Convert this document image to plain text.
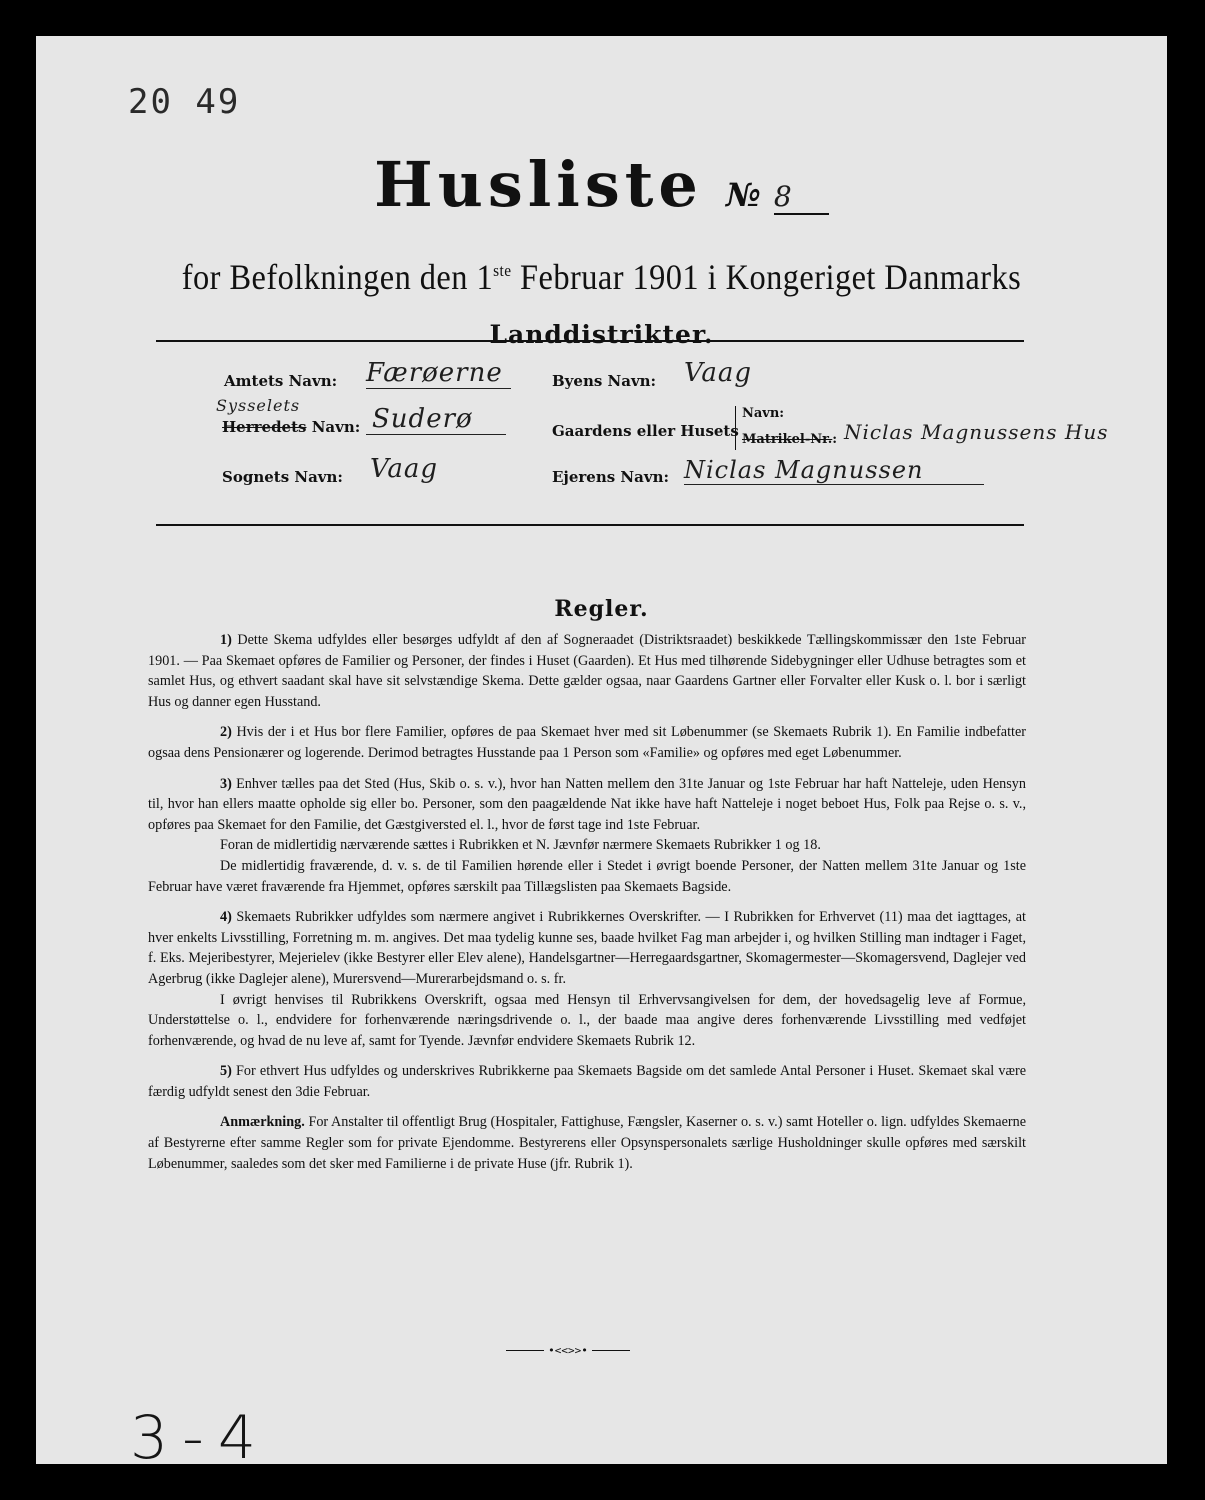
20 49
Husliste № 8
for Befolkningen den 1ste Februar 1901 i Kongeriget Danmarks
Landdistrikter.
Amtets Navn: Færøerne
Sysselets
Herredets Navn: Suderø
Sognets Navn: Vaag
Byens Navn: Vaag
Gaardens eller Husets
Navn:
Matrikel-Nr.: Niclas Magnussens Hus
Ejerens Navn: Niclas Magnussen
Regler.

1) Dette Skema udfyldes eller besørges udfyldt af den af Sogneraadet (Distriktsraadet) beskikkede Tællingskommissær den 1ste Februar 1901. — Paa Skemaet opføres de Familier og Personer, der findes i Huset (Gaarden). Et Hus med tilhørende Sidebygninger eller Udhuse betragtes som et samlet Hus, og ethvert saadant skal have sit selvstændige Skema. Dette gælder ogsaa, naar Gaardens Gartner eller Forvalter eller Kusk o. l. bor i særligt Hus og danner egen Husstand.

2) Hvis der i et Hus bor flere Familier, opføres de paa Skemaet hver med sit Løbenummer (se Skemaets Rubrik 1). En Familie indbefatter ogsaa dens Pensionærer og logerende. Derimod betragtes Husstande paa 1 Person som «Familie» og opføres med eget Løbenummer.

3) Enhver tælles paa det Sted (Hus, Skib o. s. v.), hvor han Natten mellem den 31te Januar og 1ste Februar har haft Natteleje, uden Hensyn til, hvor han ellers maatte opholde sig eller bo. Personer, som den paagældende Nat ikke have haft Natteleje i noget beboet Hus, Folk paa Rejse o. s. v., opføres paa Skemaet for den Familie, det Gæstgiversted el. l., hvor de først tage ind 1ste Februar.

Foran de midlertidig nærværende sættes i Rubrikken et N. Jævnfør nærmere Skemaets Rubrikker 1 og 18.

De midlertidig fraværende, d. v. s. de til Familien hørende eller i Stedet i øvrigt boende Personer, der Natten mellem 31te Januar og 1ste Februar have været fraværende fra Hjemmet, opføres særskilt paa Tillægslisten paa Skemaets Bagside.

4) Skemaets Rubrikker udfyldes som nærmere angivet i Rubrikkernes Overskrifter. — I Rubrikken for Erhvervet (11) maa det iagttages, at hver enkelts Livsstilling, Forretning m. m. angives. Det maa tydelig kunne ses, baade hvilket Fag man arbejder i, og hvilken Stilling man indtager i Faget, f. Eks. Mejeribestyrer, Mejerielev (ikke Bestyrer eller Elev alene), Handelsgartner—Herregaardsgartner, Skomagermester—Skomagersvend, Daglejer ved Agerbrug (ikke Daglejer alene), Murersvend—Murerarbejdsmand o. s. fr.

I øvrigt henvises til Rubrikkens Overskrift, ogsaa med Hensyn til Erhvervsangivelsen for dem, der hovedsagelig leve af Formue, Understøttelse o. l., endvidere for forhenværende næringsdrivende o. l., der baade maa angive deres forhenværende Livsstilling med vedføjet forhenværende, og hvad de nu leve af, samt for Tyende. Jævnfør endvidere Skemaets Rubrik 12.

5) For ethvert Hus udfyldes og underskrives Rubrikkerne paa Skemaets Bagside om det samlede Antal Personer i Huset. Skemaet skal være færdig udfyldt senest den 3die Februar.

Anmærkning. For Anstalter til offentligt Brug (Hospitaler, Fattighuse, Fængsler, Kaserner o. s. v.) samt Hoteller o. lign. udfyldes Skemaerne af Bestyrerne efter samme Regler som for private Ejendomme. Bestyrerens eller Opsynspersonalets særlige Husholdninger skulle opføres med særskilt Løbenummer, saaledes som det sker med Familierne i de private Huse (jfr. Rubrik 1).

•<<>>•
3-4
